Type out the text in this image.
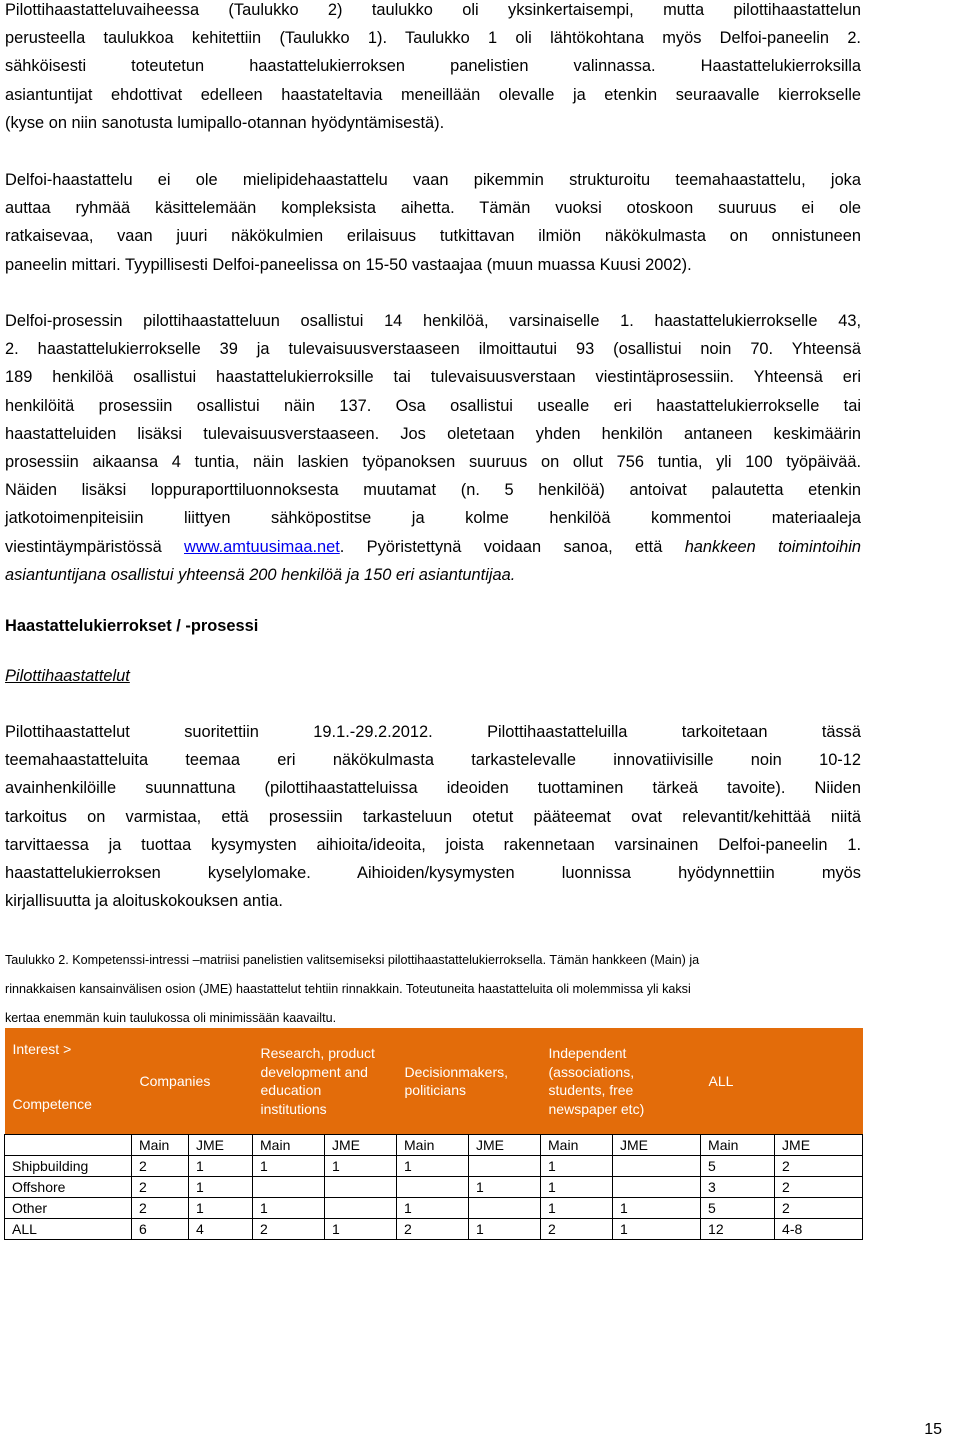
Pilottihaastatteluvaiheessa (Taulukko 2) taulukko oli yksinkertaisempi, mutta pilottihaastattelun
perusteella taulukkoa kehitettiin (Taulukko 1). Taulukko 1 oli lähtökohtana myös Delfoi-paneelin 2.
sähköisesti toteutetun haastattelukierroksen panelistien valinnassa. Haastattelukierroksilla
asiantuntijat ehdottivat edelleen haastateltavia meneillään olevalle ja etenkin seuraavalle kierrokselle
(kyse on niin sanotusta lumipallo-otannan hyödyntämisestä).
Delfoi-haastattelu ei ole mielipidehaastattelu vaan pikemmin strukturoitu teemahaastattelu, joka
auttaa ryhmää käsittelemään kompleksista aihetta. Tämän vuoksi otoskoon suuruus ei ole
ratkaisevaa, vaan juuri näkökulmien erilaisuus tutkittavan ilmiön näkökulmasta on onnistuneen
paneelin mittari. Tyypillisesti Delfoi-paneelissa on 15-50 vastaajaa (muun muassa Kuusi 2002).
Delfoi-prosessin pilottihaastatteluun osallistui 14 henkilöä, varsinaiselle 1. haastattelukierrokselle 43,
2. haastattelukierrokselle 39 ja tulevaisuusverstaaseen ilmoittautui 93 (osallistui noin 70. Yhteensä
189 henkilöä osallistui haastattelukierroksille tai tulevaisuusverstaan viestintäprosessiin. Yhteensä eri
henkilöitä prosessiin osallistui näin 137. Osa osallistui usealle eri haastattelukierrokselle tai
haastatteluiden lisäksi tulevaisuusverstaaseen. Jos oletetaan yhden henkilön antaneen keskimäärin
prosessiin aikaansa 4 tuntia, näin laskien työpanoksen suuruus on ollut 756 tuntia, yli 100 työpäivää.
Näiden lisäksi loppuraporttiluonnoksesta muutamat (n. 5 henkilöä) antoivat palautetta etenkin
jatkotoimenpiteisiin liittyen sähköpostitse ja kolme henkilöä kommentoi materiaaleja
viestintäympäristössä www.amtuusimaa.net. Pyöristettynä voidaan sanoa, että hankkeen toimintoihin
asiantuntijana osallistui yhteensä 200 henkilöä ja 150 eri asiantuntijaa.
Haastattelukierrokset / -prosessi
Pilottihaastattelut
Pilottihaastattelut suoritettiin 19.1.-29.2.2012. Pilottihaastatteluilla tarkoitetaan tässä
teemahaastatteluita teemaa eri näkökulmasta tarkastelevalle innovatiivisille noin 10-12
avainhenkilöille suunnattuna (pilottihaastatteluissa ideoiden tuottaminen tärkeä tavoite). Niiden
tarkoitus on varmistaa, että prosessiin tarkasteluun otetut pääteemat ovat relevantit/kehittää niitä
tarvittaessa ja tuottaa kysymysten aihioita/ideoita, joista rakennetaan varsinainen Delfoi-paneelin 1.
haastattelukierroksen kyselylomake. Aihioiden/kysymysten luonnissa hyödynnettiin myös
kirjallisuutta ja aloituskokouksen antia.
Taulukko 2. Kompetenssi-intressi –matriisi panelistien valitsemiseksi pilottihaastattelukierroksella. Tämän hankkeen (Main) ja
rinnakkaisen kansainvälisen osion (JME) haastattelut tehtiin rinnakkain. Toteutuneita haastatteluita oli molemmissa yli kaksi
kertaa enemmän kuin taulukossa oli minimissään kaavailtu.
Interest >
Competence	Companies		Research, product development and education institutions		Decisionmakers, politicians		Independent (associations, students, free newspaper etc)		ALL	
	Main	JME	Main	JME	Main	JME	Main	JME	Main	JME
Shipbuilding	2	1	1	1	1		1		5	2
Offshore	2	1				1	1		3	2
Other	2	1	1		1		1	1	5	2
ALL	6	4	2	1	2	1	2	1	12	4-8
15
